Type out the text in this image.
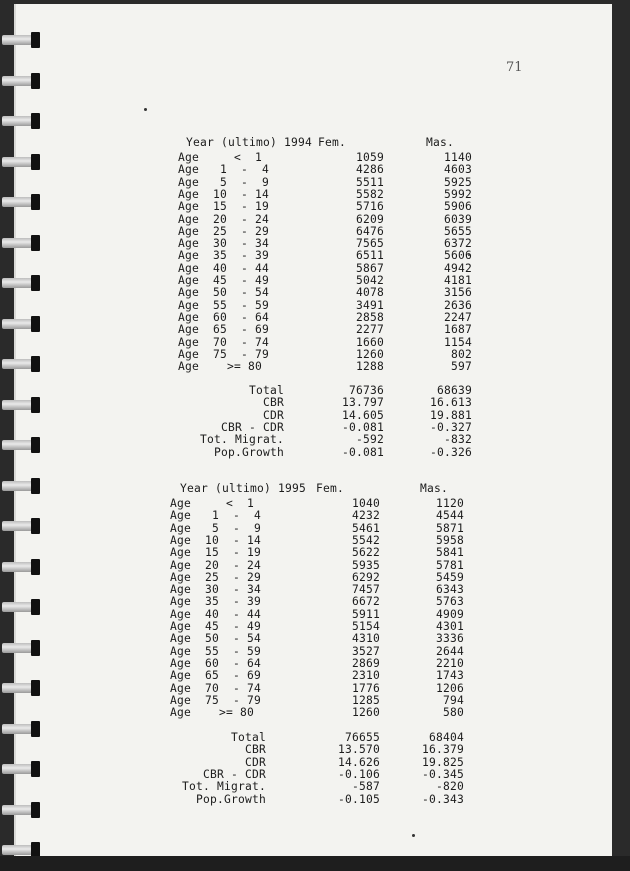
71
Year (ultimo) 1994 Fem.	Mas.
Age     <  1	1059	1140
Age   1  -  4	4286	4603
Age   5  -  9	5511	5925
Age  10  - 14	5582	5992
Age  15  - 19	5716	5906
Age  20  - 24	6209	6039
Age  25  - 29	6476	5655
Age  30  - 34	7565	6372
Age  35  - 39	6511	5606
Age  40  - 44	5867	4942
Age  45  - 49	5042	4181
Age  50  - 54	4078	3156
Age  55  - 59	3491	2636
Age  60  - 64	2858	2247
Age  65  - 69	2277	1687
Age  70  - 74	1660	1154
Age  75  - 79	1260	802
Age    >= 80	1288	597
Total	76736	68639
CBR	13.797	16.613
CDR	14.605	19.881
CBR - CDR	-0.081	-0.327
Tot. Migrat.	-592	-832
Pop.Growth	-0.081	-0.326
Year (ultimo) 1995 Fem.	Mas.
Age     <  1	1040	1120
Age   1  -  4	4232	4544
Age   5  -  9	5461	5871
Age  10  - 14	5542	5958
Age  15  - 19	5622	5841
Age  20  - 24	5935	5781
Age  25  - 29	6292	5459
Age  30  - 34	7457	6343
Age  35  - 39	6672	5763
Age  40  - 44	5911	4909
Age  45  - 49	5154	4301
Age  50  - 54	4310	3336
Age  55  - 59	3527	2644
Age  60  - 64	2869	2210
Age  65  - 69	2310	1743
Age  70  - 74	1776	1206
Age  75  - 79	1285	794
Age    >= 80	1260	580
Total	76655	68404
CBR	13.570	16.379
CDR	14.626	19.825
CBR - CDR	-0.106	-0.345
Tot. Migrat.	-587	-820
Pop.Growth	-0.105	-0.343
